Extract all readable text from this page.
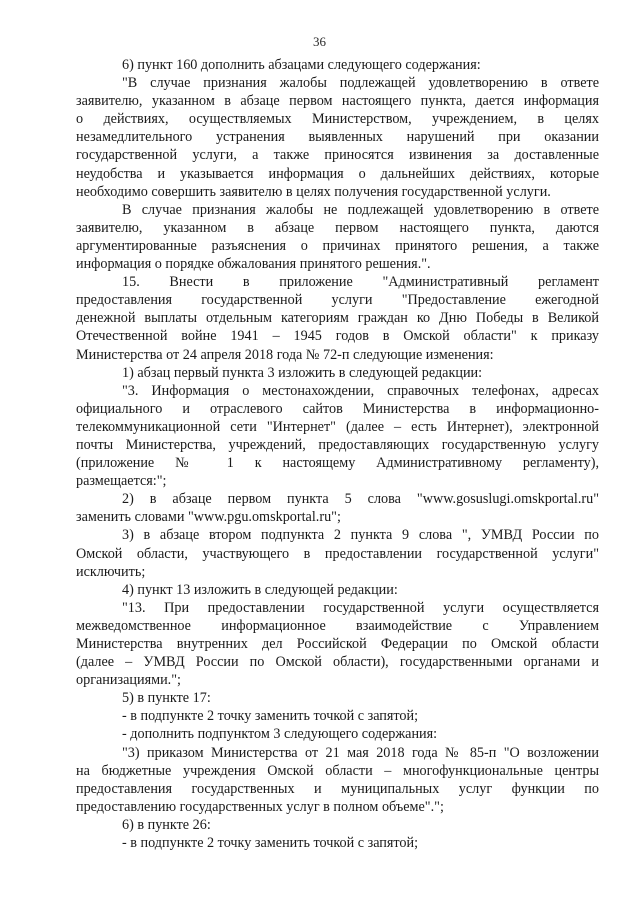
36
6) пункт 160 дополнить абзацами следующего содержания:
"В случае признания жалобы подлежащей удовлетворению в ответе
заявителю, указанном в абзаце первом настоящего пункта, дается информация
о действиях, осуществляемых Министерством, учреждением, в целях
незамедлительного устранения выявленных нарушений при оказании
государственной услуги, а также приносятся извинения за доставленные
неудобства и указывается информация о дальнейших действиях, которые
необходимо совершить заявителю в целях получения государственной услуги.
В случае признания жалобы не подлежащей удовлетворению в ответе
заявителю, указанном в абзаце первом настоящего пункта, даются
аргументированные разъяснения о причинах принятого решения, а также
информация о порядке обжалования принятого решения.".
15. Внести в приложение "Административный регламент
предоставления государственной услуги "Предоставление ежегодной
денежной выплаты отдельным категориям граждан ко Дню Победы в Великой
Отечественной войне 1941 – 1945 годов в Омской области" к приказу
Министерства от 24 апреля 2018 года № 72-п следующие изменения:
1) абзац первый пункта 3 изложить в следующей редакции:
"3. Информация о местонахождении, справочных телефонах, адресах
официального и отраслевого сайтов Министерства в информационно-
телекоммуникационной сети "Интернет" (далее – есть Интернет), электронной
почты Министерства, учреждений, предоставляющих государственную услугу
(приложение № 1 к настоящему Административному регламенту),
размещается:";
2) в абзаце первом пункта 5 слова "www.gosuslugi.omskportal.ru"
заменить словами "www.pgu.omskportal.ru";
3) в абзаце втором подпункта 2 пункта 9 слова ", УМВД России по
Омской области, участвующего в предоставлении государственной услуги"
исключить;
4) пункт 13 изложить в следующей редакции:
"13. При предоставлении государственной услуги осуществляется
межведомственное информационное взаимодействие с Управлением
Министерства внутренних дел Российской Федерации по Омской области
(далее – УМВД России по Омской области), государственными органами и
организациями.";
5) в пункте 17:
- в подпункте 2 точку заменить точкой с запятой;
- дополнить подпунктом 3 следующего содержания:
"3) приказом Министерства от 21 мая 2018 года № 85-п "О возложении
на бюджетные учреждения Омской области – многофункциональные центры
предоставления государственных и муниципальных услуг функции по
предоставлению государственных услуг в полном объеме".";
6) в пункте 26:
- в подпункте 2 точку заменить точкой с запятой;
